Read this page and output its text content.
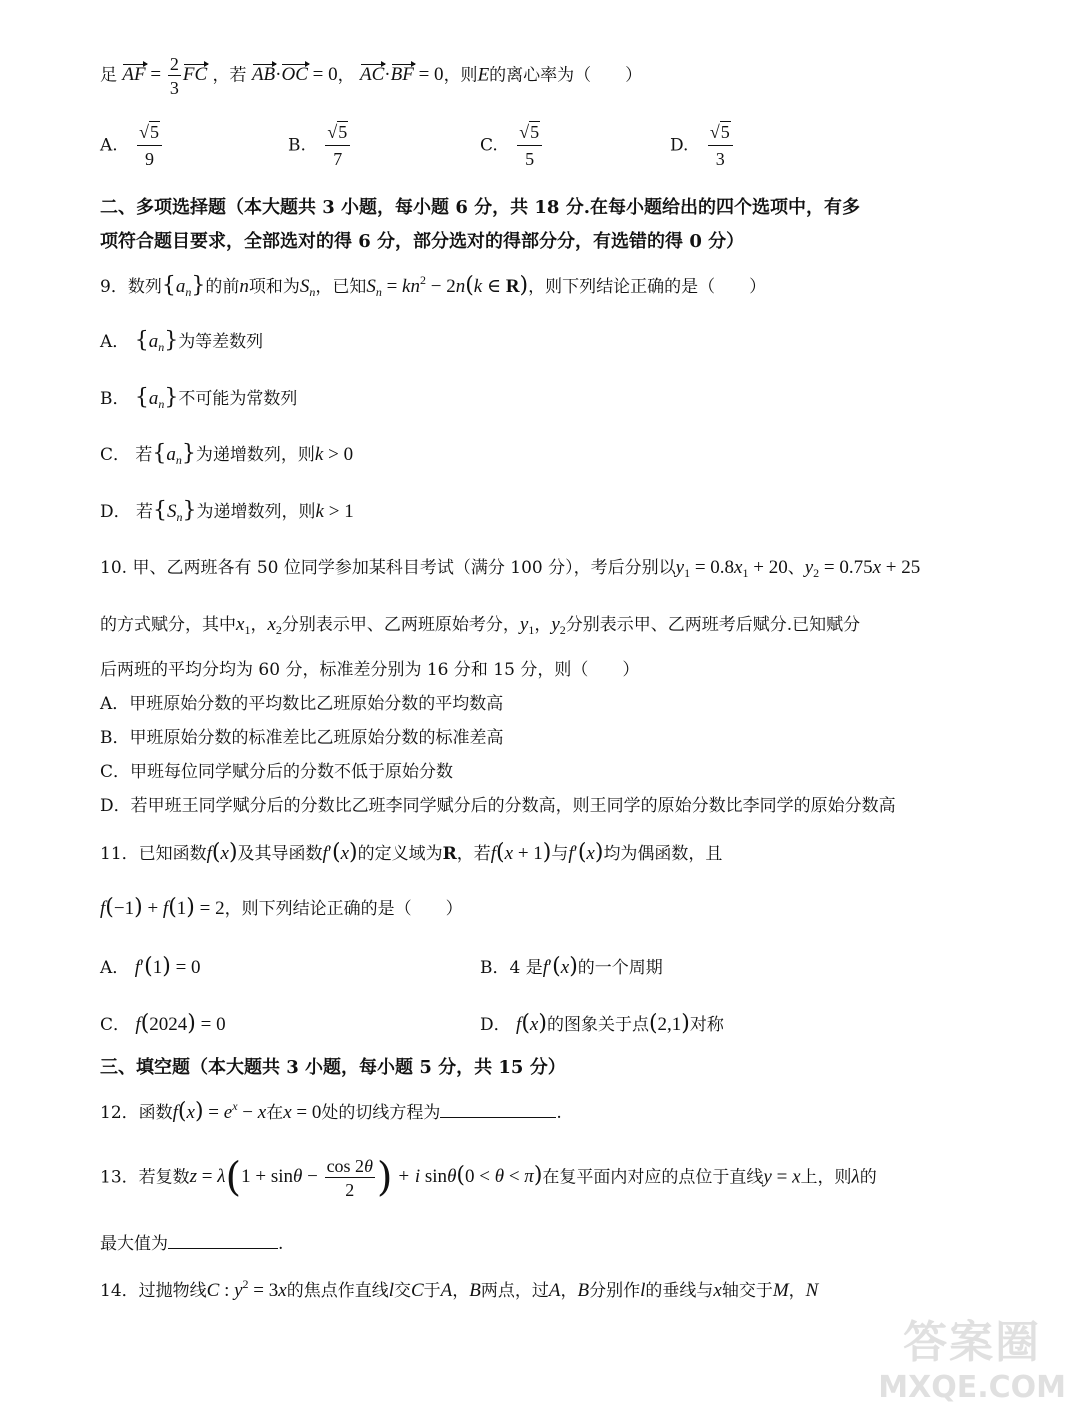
足 AF = $\frac{2}{3}$ FC ，若 AB·OC = 0， AC·BF = 0，则E的离心率为（　　）
A. $\frac{√5}{9}$	B. $\frac{√5}{7}$	C. $\frac{√5}{5}$	D. $\frac{√5}{3}$
二、多项选择题（本大题共 3 小题，每小题 6 分，共 18 分.在每小题给出的四个选项中，有多
项符合题目要求，全部选对的得 6 分，部分选对的得部分分，有选错的得 0 分）
9．数列$\{a_n\}$的前n项和为$S_n$，已知$S_n = kn^2 - 2n(k$ ∈ R)，则下列结论正确的是（　　）
A． $\{a_n\}$为等差数列
B． $\{a_n\}$不可能为常数列
C． 若$\{a_n\}$为递增数列，则k > 0
D． 若$\{S_n\}$为递增数列，则k > 1
10. 甲、乙两班各有 50 位同学参加某科目考试（满分 100 分），考后分别以$y_1 = 0.8x_1 + 20$、$y_2 = 0.75x + 25$
的方式赋分，其中$x_1$，$x_2$分别表示甲、乙两班原始考分，$y_1$，$y_2$分别表示甲、乙两班考后赋分.已知赋分
后两班的平均分均为 60 分，标准差分别为 16 分和 15 分，则（　　）
A．甲班原始分数的平均数比乙班原始分数的平均数高
B．甲班原始分数的标准差比乙班原始分数的标准差高
C．甲班每位同学赋分后的分数不低于原始分数
D．若甲班王同学赋分后的分数比乙班李同学赋分后的分数高，则王同学的原始分数比李同学的原始分数高
11．已知函数f(x)及其导函数f′(x)的定义域为R，若f(x + 1)与f′(x)均为偶函数，且
f(−1) + f(1) = 2，则下列结论正确的是（　　）
A． f′(1) = 0	B．4 是f′(x)的一个周期
C． f(2024) = 0	D． f(x)的图象关于点(2,1)对称
三、填空题（本大题共 3 小题，每小题 5 分，共 15 分）
12．函数$f(x) = e^x - x$在x = 0处的切线方程为	.
13．若复数$z = \lambda(1 + \sin\theta - \frac{\cos 2\theta}{2}$ ) + i sinθ(0 < θ < π)在复平面内对应的点位于直线y = x上，则λ的
最大值为	.
14．过抛物线C : $y^2 = 3x$的焦点作直线l交C于A，B两点，过A，B分别作l的垂线与x轴交于M，N
答案圈
MXQE.COM
